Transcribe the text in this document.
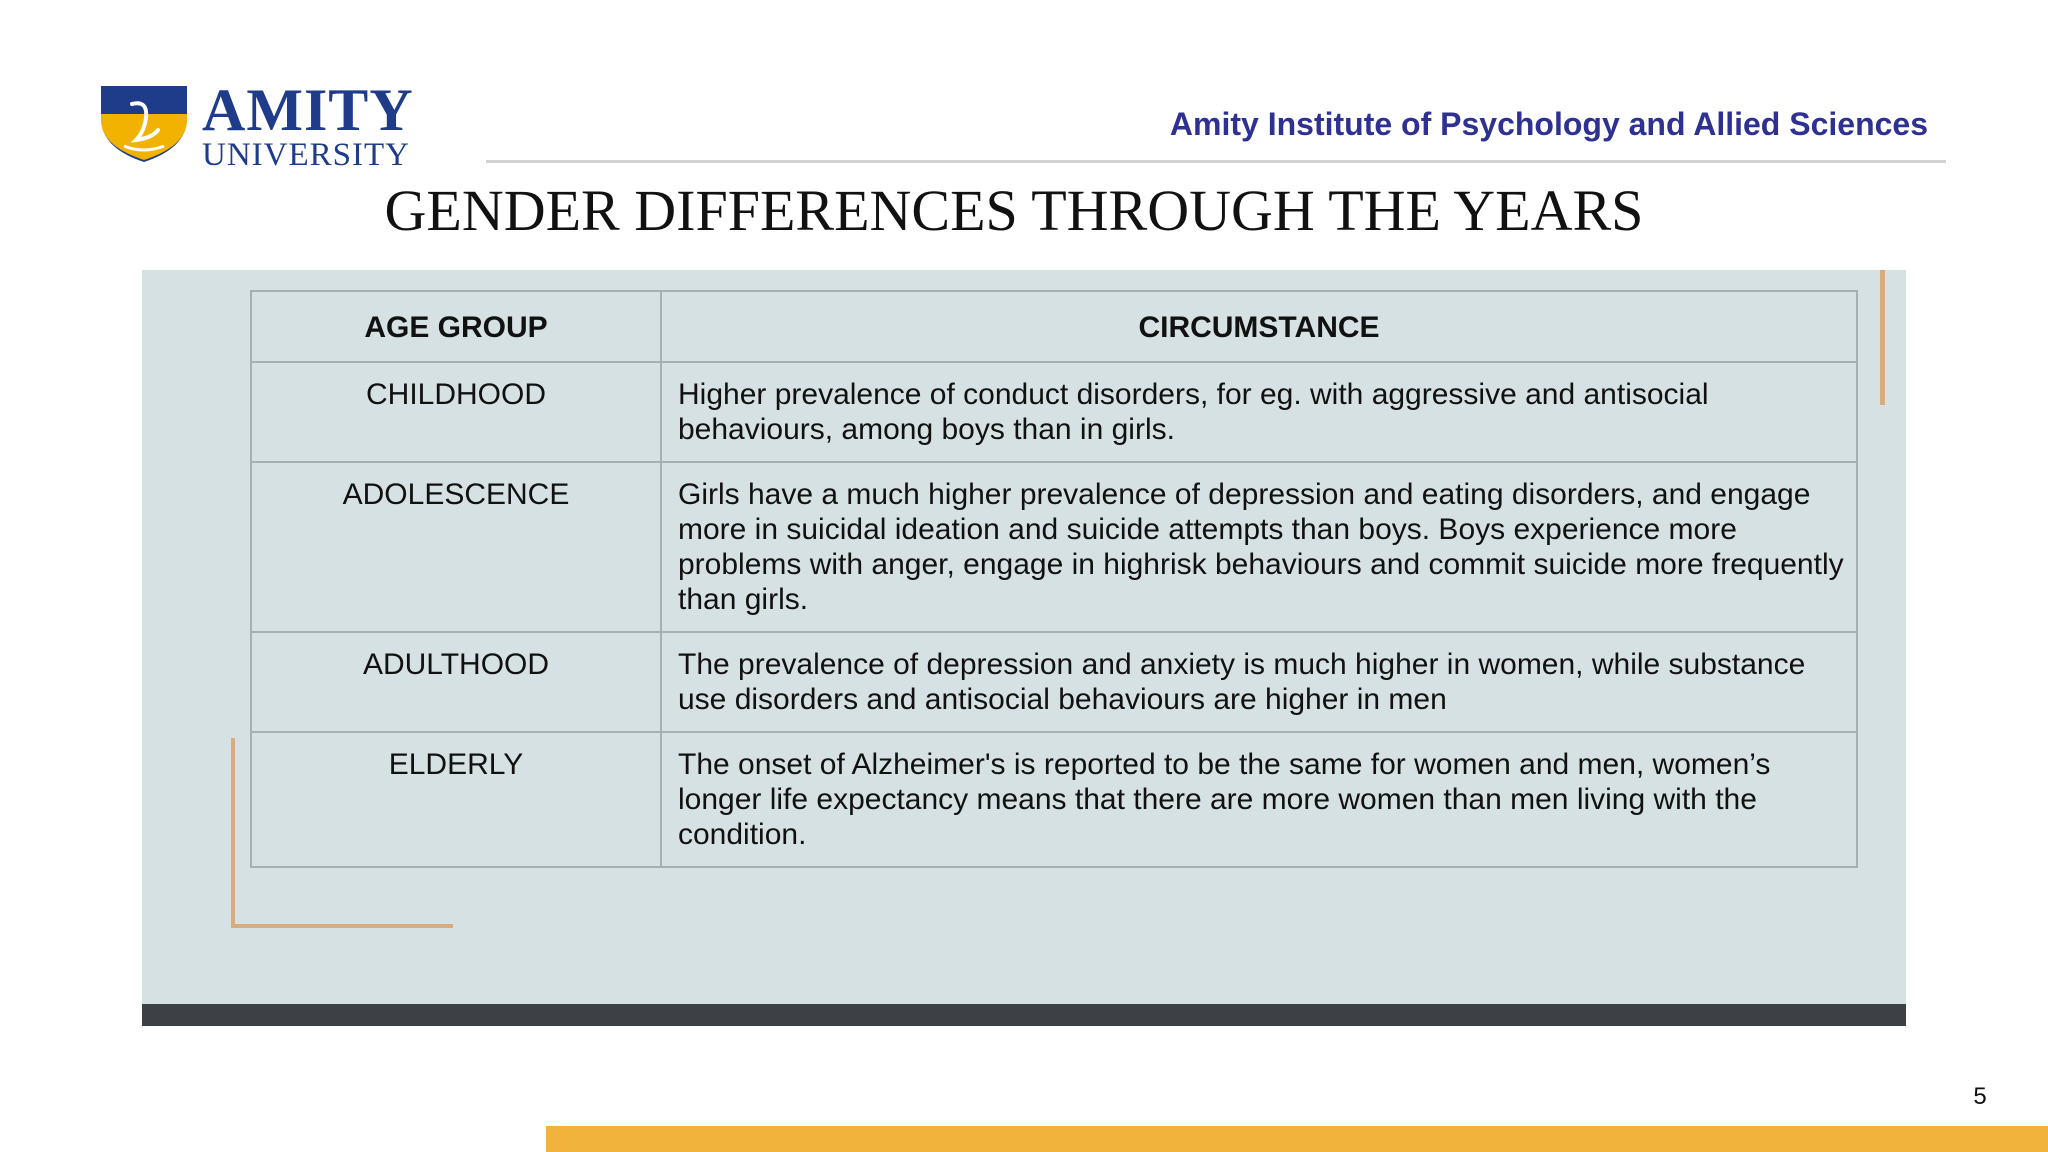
AMITY
UNIVERSITY
Amity Institute of Psychology and Allied Sciences
GENDER DIFFERENCES THROUGH THE YEARS
AGE GROUP	CIRCUMSTANCE
CHILDHOOD	Higher prevalence of conduct disorders, for eg. with aggressive and antisocial behaviours, among boys than in girls.
ADOLESCENCE	Girls have a much higher prevalence of depression and eating disorders, and engage more in suicidal ideation and suicide attempts than boys. Boys experience more problems with anger, engage in highrisk behaviours and commit suicide more frequently than girls.
ADULTHOOD	The prevalence of depression and anxiety is much higher in women, while substance use disorders and antisocial behaviours are higher in men
ELDERLY	The onset of Alzheimer's is reported to be the same for women and men, women’s longer life expectancy means that there are more women than men living with the condition.
5
